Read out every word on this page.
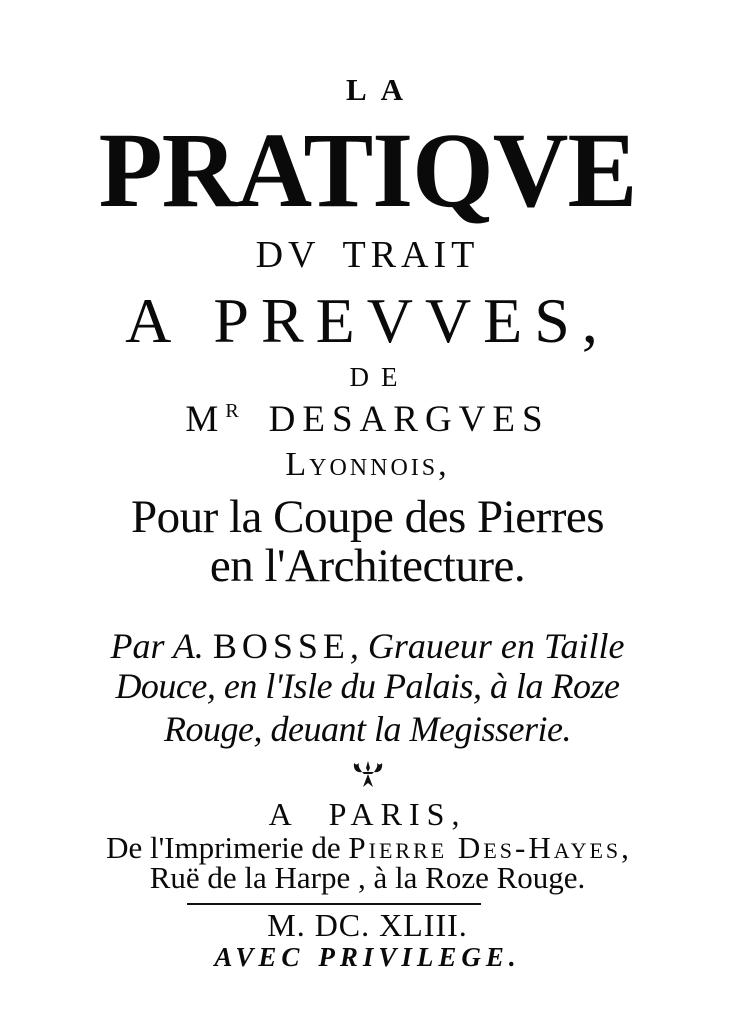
LA
PRATIQVE
DV TRAIT
A PREVVES,
DE
$M^R$ DESARGVES
Lyonnois,
Pour la Coupe des Pierres
en l'Architecture.
Par A. BOSSE, Graueur en Taille
Douce, en l'Isle du Palais, à la Roze
Rouge, deuant la Megisserie.
A PARIS,
De l'Imprimerie de Pierre Des-Hayes,
Ruë de la Harpe , à la Roze Rouge.
M. DC. XLIII.
AVEC PRIVILEGE.
